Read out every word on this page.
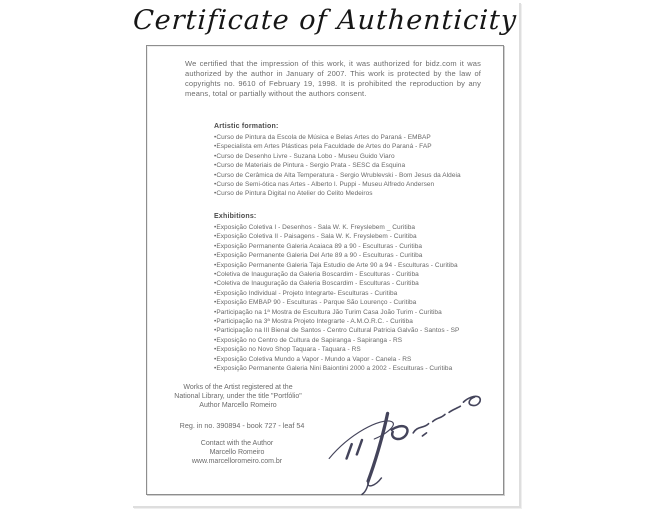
Certificate of Authenticity
We certified that the impression of this work, it was authorized for bidz.com it was authorized by the author in January of 2007. This work is protected by the law of copyrights no. 9610 of February 19, 1998. It is prohibited the reproduction by any means, total or partially without the authors consent.
Artistic formation:
•Curso de Pintura da Escola de Música e Belas Artes do Paraná - EMBAP
•Especialista em Artes Plásticas pela Faculdade de Artes do Paraná - FAP
•Curso de Desenho Livre - Suzana Lobo - Museu Guido Viaro
•Curso de Materiais de Pintura - Sergio Prata - SESC da Esquina
•Curso de Cerâmica de Alta Temperatura - Sergio Wrublevski - Bom Jesus da Aldeia
•Curso de Semi-ótica nas Artes - Alberto I. Puppi - Museu Alfredo Andersen
•Curso de Pintura Digital no Atelier do Celito Medeiros
Exhibitions:
•Exposição Coletiva I - Desenhos - Sala W. K. Freyslebem _ Curitiba
•Exposição Coletiva II - Paisagens - Sala W. K. Freyslebem - Curitiba
•Exposição Permanente Galeria Acaiaca 89 a 90 - Esculturas - Curitiba
•Exposição Permanente Galeria Del Arte 89 a 90 - Esculturas - Curitiba
•Exposição Permanente Galeria Taja Estudio de Arte 90 a 94 - Esculturas - Curitiba
•Coletiva de Inauguração da Galeria Boscardim - Esculturas - Curitiba
•Coletiva de Inauguração da Galeria Boscardim - Esculturas - Curitiba
•Exposição Individual - Projeto Integrarte- Esculturas - Curitiba
•Exposição EMBAP 90 - Esculturas - Parque São Lourenço - Curitiba
•Participação na 1ª Mostra de Escultura Jão Turim Casa João Turim - Curitiba
•Participação na 3ª Mostra Projeto Integrarte - A.M.O.R.C. - Curitiba
•Participação na III Bienal de Santos - Centro Cultural Patricia Galvão - Santos - SP
•Exposição no Centro de Cultura de Sapiranga - Sapiranga - RS
•Exposição no Novo Shop Taquara - Taquara - RS
•Exposição Coletiva Mundo a Vapor - Mundo a Vapor - Canela - RS
•Exposição Permanente Galeria Nini Baiontini 2000 a 2002 - Esculturas - Curitiba
Works of the Artist registered at the
National Library, under the title "Portfólio"
Author Marcello Romeiro
Reg. in no. 390894 - book 727 - leaf 54
Contact with the Author
Marcello Romeiro
www.marcelloromeiro.com.br
